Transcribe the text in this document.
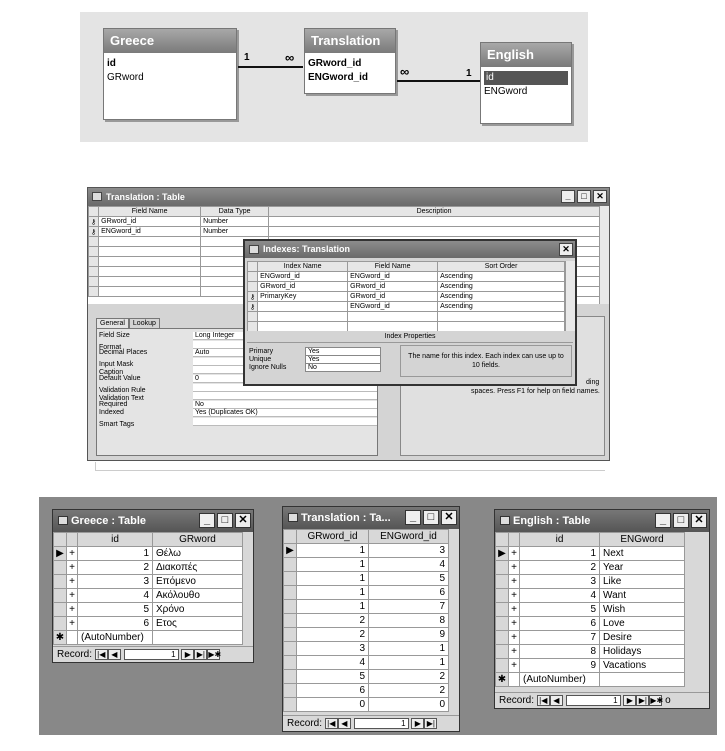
Greece
id
GRword
Translation
GRword_id
ENGword_id
English
id
ENGword
1	∞
∞	1
Translation : Table	_	□	✕
	Field Name	Data Type	Description
⚷	GRword_id	Number	
⚷	ENGword_id	Number	

General Lookup
Field Size	Long Integer
Format
Decimal Places	Auto
Input Mask
Caption
Default Value	0
Validation Rule
Validation Text
Required	No
Indexed	Yes (Duplicates OK)
Smart Tags
ding
spaces. Press F1 for help on field names.
Indexes: Translation	✕
	Index Name	Field Name	Sort Order
	ENGword_id	ENGword_id	Ascending
	GRword_id	GRword_id	Ascending
⚷	PrimaryKey	GRword_id	Ascending
⚷		ENGword_id	Ascending

Index Properties
Primary	Yes
Unique	Yes
Ignore Nulls	No
The name for this index. Each index can use up to 10 fields.
Greece : Table	_	□ ✕
		id	GRword
▶	+	1	Θέλω
	+	2	Διακοπές
	+	3	Επόμενο
	+	4	Ακόλουθο
	+	5	Χρόνο
	+	6	Ετος
✱		(AutoNumber)	
Record: |◀ ◀	1 ▶ ▶| ▶✱
Translation : Ta...	_	□ ✕
	GRword_id	ENGword_id
▶	1	3
	1	4
	1	5
	1	6
	1	7
	2	8
	2	9
	3	1
	4	1
	5	2
	6	2
	0	0
Record: |◀ ◀	1 ▶ ▶|
English : Table	_	□ ✕
		id	ENGword
▶	+	1	Next
	+	2	Year
	+	3	Like
	+	4	Want
	+	5	Wish
	+	6	Love
	+	7	Desire
	+	8	Holidays
	+	9	Vacations
✱		(AutoNumber)	
Record: |◀ ◀	1 ▶ ▶| ▶✱ o
